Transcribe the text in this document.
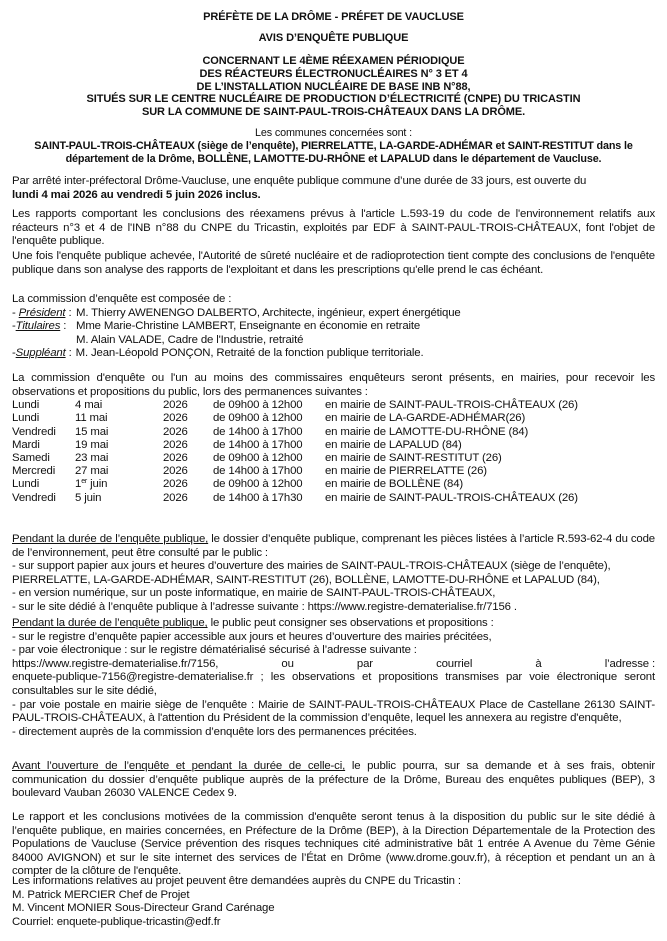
PRÉFÈTE DE LA DRÔME - PRÉFET DE VAUCLUSE
AVIS D’ENQUÊTE PUBLIQUE
CONCERNANT LE 4ÈME RÉEXAMEN PÉRIODIQUE
DES RÉACTEURS ÉLECTRONUCLÉAIRES N° 3 ET 4
DE L’INSTALLATION NUCLÉAIRE DE BASE INB N°88,
SITUÉS SUR LE CENTRE NUCLÉAIRE DE PRODUCTION D’ÉLECTRICITÉ (CNPE) DU TRICASTIN
SUR LA COMMUNE DE SAINT-PAUL-TROIS-CHÂTEAUX DANS LA DRÔME.
Les communes concernées sont :
SAINT-PAUL-TROIS-CHÂTEAUX (siège de l’enquête), PIERRELATTE, LA-GARDE-ADHÉMAR et SAINT-RESTITUT dans le
département de la Drôme, BOLLÈNE, LAMOTTE-DU-RHÔNE et LAPALUD dans le département de Vaucluse.
Par arrêté inter-préfectoral Drôme-Vaucluse, une enquête publique commune d’une durée de 33 jours, est ouverte du
lundi 4 mai 2026 au vendredi 5 juin 2026 inclus.
Les rapports comportant les conclusions des réexamens prévus à l'article L.593-19 du code de l'environnement relatifs aux réacteurs n°3 et 4 de l'INB n°88 du CNPE du Tricastin, exploités par EDF à SAINT-PAUL-TROIS-CHÂTEAUX, font l'objet de l'enquête publique.
Une fois l'enquête publique achevée, l'Autorité de sûreté nucléaire et de radioprotection tient compte des conclusions de l'enquête publique dans son analyse des rapports de l'exploitant et dans les prescriptions qu'elle prend le cas échéant.
La commission d’enquête est composée de :
- Président : M. Thierry AWENENGO DALBERTO, Architecte, ingénieur, expert énergétique
-Titulaires : Mme Marie-Christine LAMBERT, Enseignante en économie en retraite
M. Alain VALADE, Cadre de l'Industrie, retraité
-Suppléant : M. Jean-Léopold PONÇON, Retraité de la fonction publique territoriale.
La commission d'enquête ou l'un au moins des commissaires enquêteurs seront présents, en mairies, pour recevoir les observations et propositions du public, lors des permanences suivantes :
Lundi	4 mai	2026	de 09h00 à 12h00	en mairie de SAINT-PAUL-TROIS-CHÂTEAUX (26)
Lundi	11 mai	2026	de 09h00 à 12h00	en mairie de LA-GARDE-ADHÉMAR(26)
Vendredi	15 mai	2026	de 14h00 à 17h00	en mairie de LAMOTTE-DU-RHÔNE (84)
Mardi	19 mai	2026	de 14h00 à 17h00	en mairie de LAPALUD (84)
Samedi	23 mai	2026	de 09h00 à 12h00	en mairie de SAINT-RESTITUT (26)
Mercredi	27 mai	2026	de 14h00 à 17h00	en mairie de PIERRELATTE (26)
Lundi	1er juin	2026	de 09h00 à 12h00	en mairie de BOLLÈNE (84)
Vendredi	5 juin	2026	de 14h00 à 17h30	en mairie de SAINT-PAUL-TROIS-CHÂTEAUX (26)
Pendant la durée de l’enquête publique, le dossier d’enquête publique, comprenant les pièces listées à l’article R.593-62-4 du code de l’environnement, peut être consulté par le public :
- sur support papier aux jours et heures d’ouverture des mairies de SAINT-PAUL-TROIS-CHÂTEAUX (siège de l’enquête), PIERRELATTE, LA-GARDE-ADHÉMAR, SAINT-RESTITUT (26), BOLLÈNE, LAMOTTE-DU-RHÔNE et LAPALUD (84),
- en version numérique, sur un poste informatique, en mairie de SAINT-PAUL-TROIS-CHÂTEAUX,
- sur le site dédié à l’enquête publique à l’adresse suivante : https://www.registre-dematerialise.fr/7156 .
Pendant la durée de l’enquête publique, le public peut consigner ses observations et propositions :
- sur le registre d’enquête papier accessible aux jours et heures d’ouverture des mairies précitées,
- par voie électronique : sur le registre dématérialisé sécurisé à l’adresse suivante :
https://www.registre-dematerialise.fr/7156,	ou	par	courriel	à	l’adresse :
enquete-publique-7156@registre-dematerialise.fr ; les observations et propositions transmises par voie électronique seront consultables sur le site dédié,
- par voie postale en mairie siège de l’enquête : Mairie de SAINT-PAUL-TROIS-CHÂTEAUX Place de Castellane 26130 SAINT-PAUL-TROIS-CHÂTEAUX, à l'attention du Président de la commission d’enquête, lequel les annexera au registre d'enquête,
- directement auprès de la commission d’enquête lors des permanences précitées.
Avant l’ouverture de l’enquête et pendant la durée de celle-ci, le public pourra, sur sa demande et à ses frais, obtenir communication du dossier d’enquête publique auprès de la préfecture de la Drôme, Bureau des enquêtes publiques (BEP), 3 boulevard Vauban 26030 VALENCE Cedex 9.
Le rapport et les conclusions motivées de la commission d'enquête seront tenus à la disposition du public sur le site dédié à l’enquête publique, en mairies concernées, en Préfecture de la Drôme (BEP), à la Direction Départementale de la Protection des Populations de Vaucluse (Service prévention des risques techniques cité administrative bât 1 entrée A Avenue du 7ème Génie 84000 AVIGNON) et sur le site internet des services de l’État en Drôme (www.drome.gouv.fr), à réception et pendant un an à compter de la clôture de l'enquête.
Les informations relatives au projet peuvent être demandées auprès du CNPE du Tricastin :
M. Patrick MERCIER Chef de Projet
M. Vincent MONIER Sous-Directeur Grand Carénage
Courriel: enquete-publique-tricastin@edf.fr
